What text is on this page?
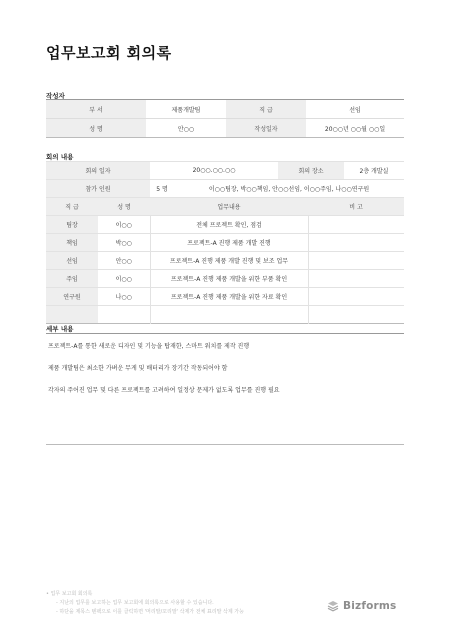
업무보고회 회의록
작성자
부 서	제품개발팀	직 급	선임
성 명	안○○	작성일자	20○○년 ○○월 ○○일
회의 내용
회의 일자		20○○.○○.○○		회의 장소		2층 개발실
참가 인원		5 명	이○○팀장, 박○○책임, 안○○선임, 이○○주임, 나○○연구원			
직 급	성 명	업무내용			비 고	
팀장	이○○	전체 프로젝트 확인, 점검				
책임	박○○	프로젝트-A 진행 제품 개발 진행				
선임	안○○	프로젝트-A 진행 제품 개발 진행 및 보조 업무				
주임	이○○	프로젝트-A 진행 제품 개발을 위한 부품 확인				
연구원	나○○	프로젝트-A 진행 제품 개발을 위한 자료 확인				

세부 내용

프로젝트-A를 통한 새로운 디자인 및 기능을 탑재한, 스마트 워치를 제작 진행

제품 개발팀은 최소한 가벼운 무게 및 배터리가 장기간 작동되어야 함

각자의 주어진 업무 및 다른 프로젝트를 고려하여 일정상 문제가 없도록 업무를 진행 필요

• 업무 보고회 회의록
- 지난의 업무를 보고하는 업무 보고회에 회의록으로 사용할 수 있습니다.
- 하단을 제목스 텐팩으로 이를 클릭하면 '머리말/꼬리말' 삭제가 전체 표리말 삭제 가능	Bizforms
